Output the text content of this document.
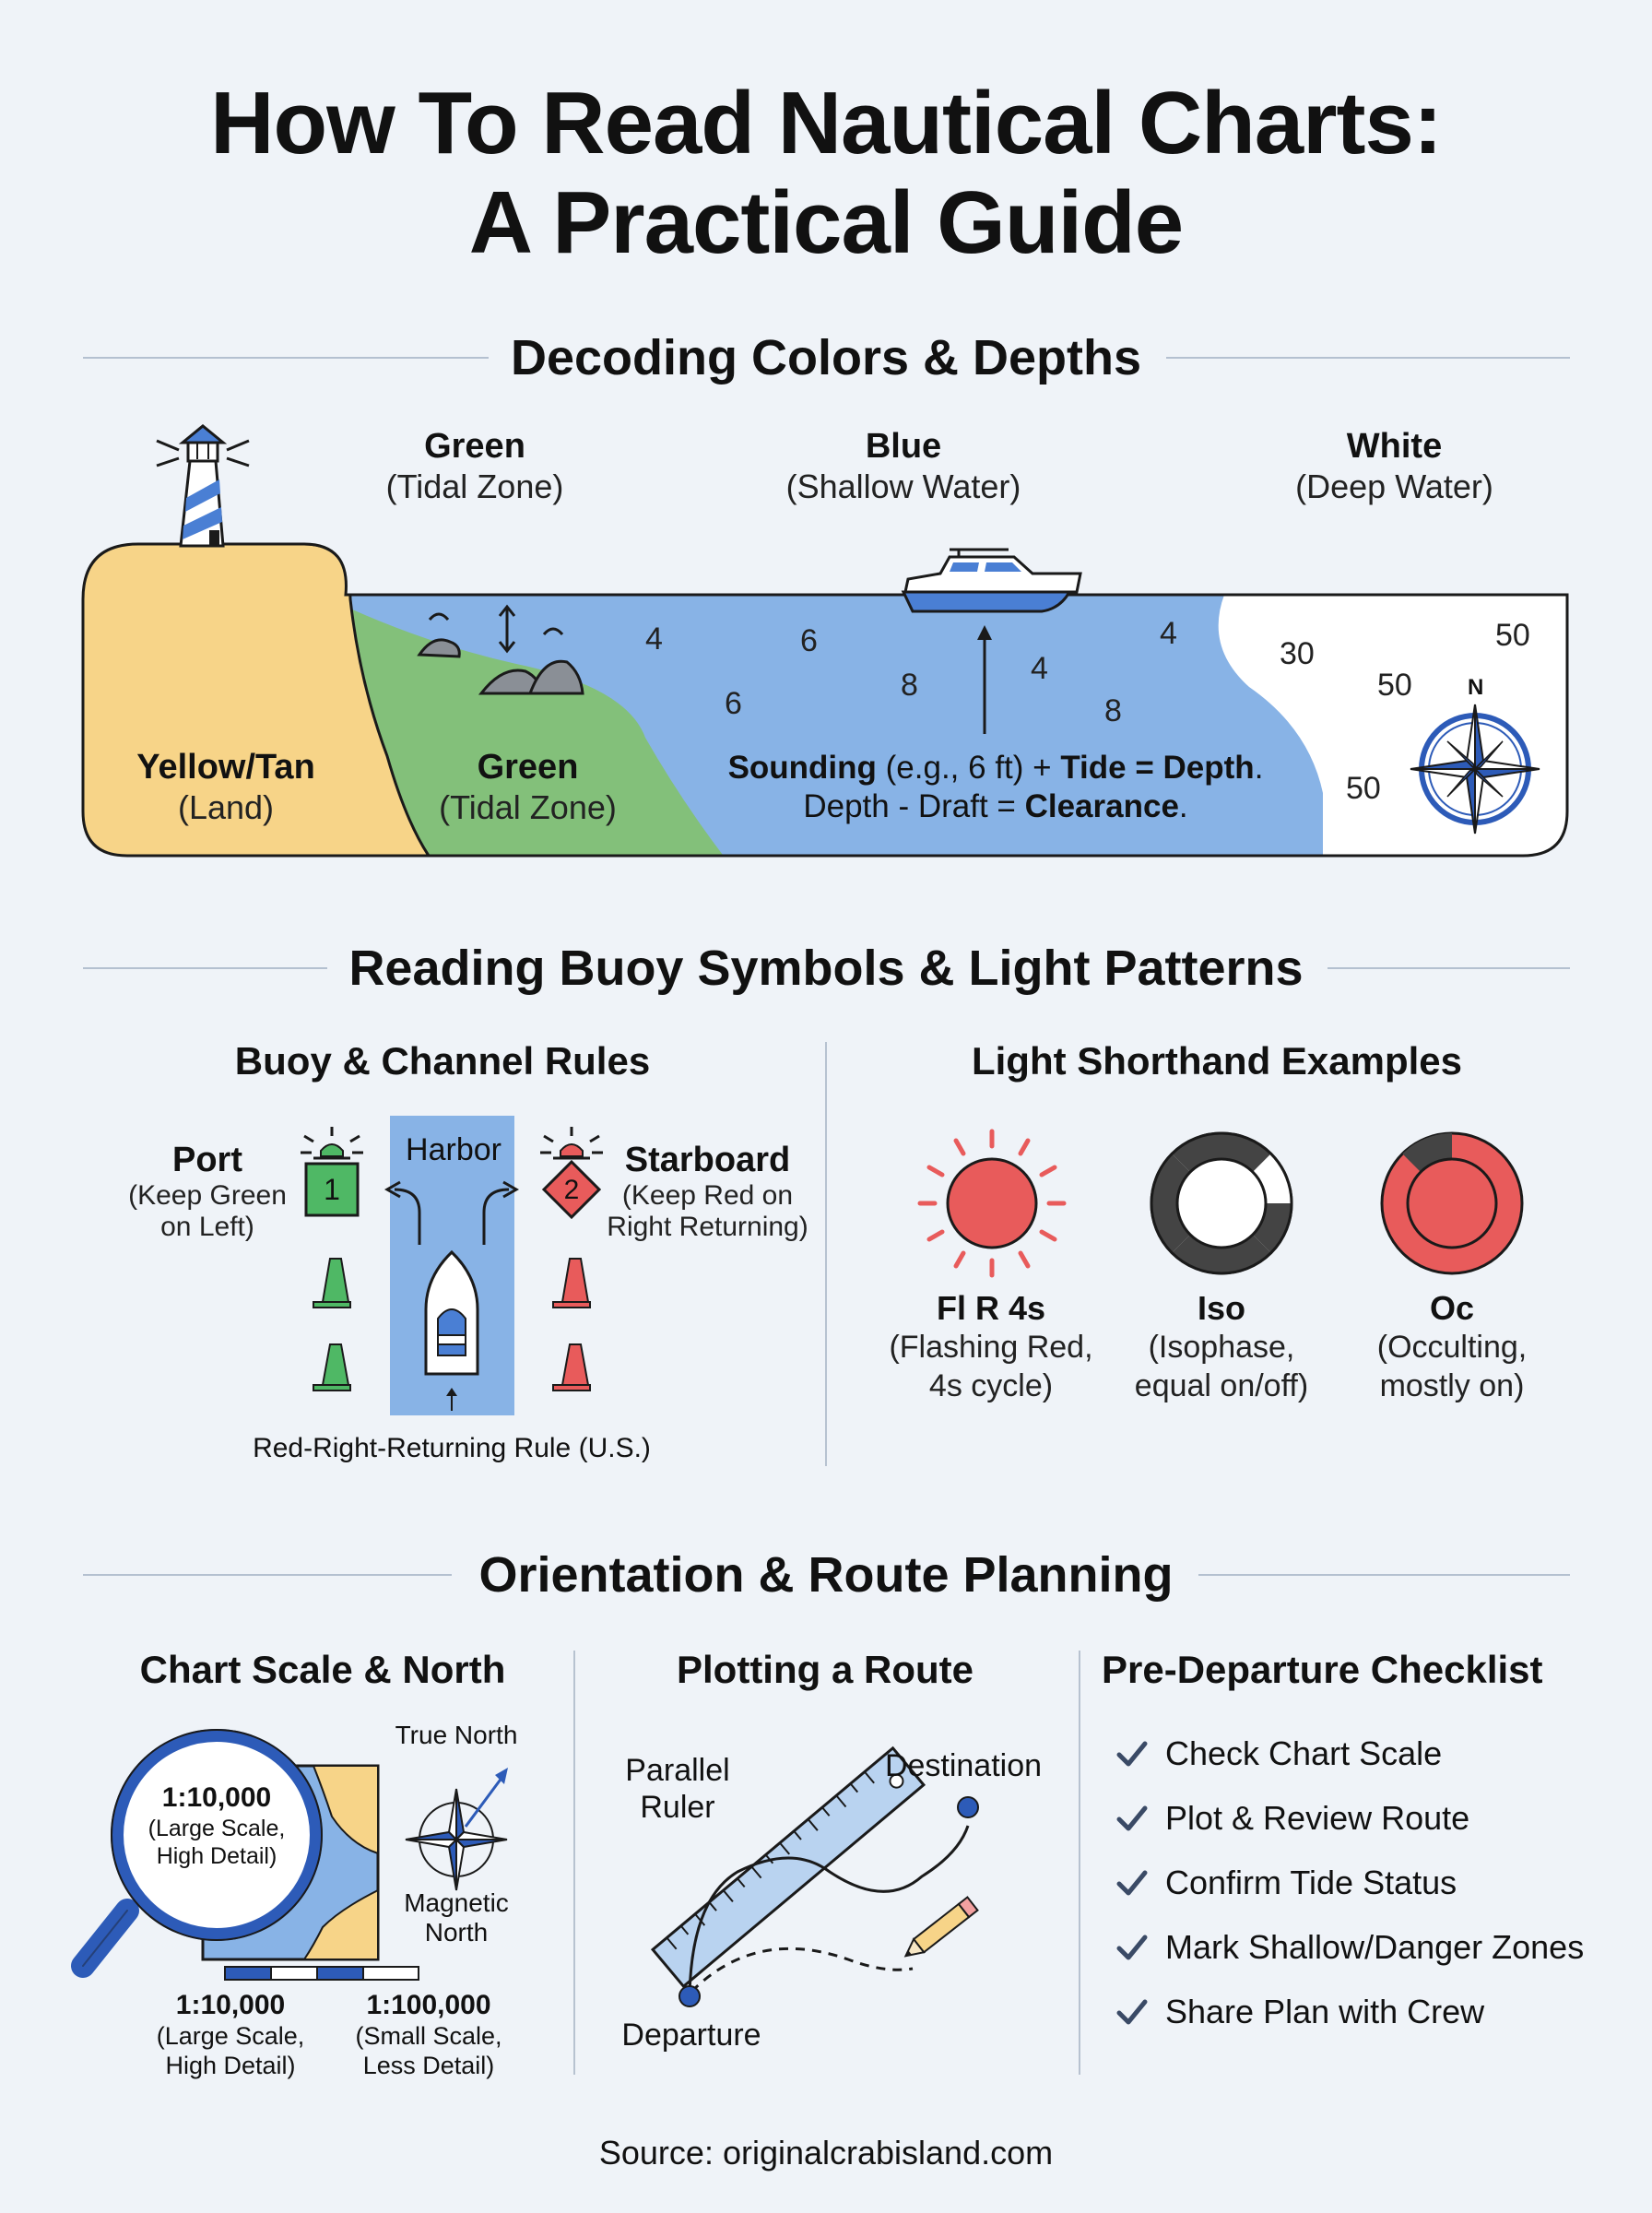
How To Read Nautical Charts:
A Practical Guide
Decoding Colors & Depths
Green
(Tidal Zone)
Blue
(Shallow Water)
White
(Deep Water)
4	6
6
8	4
4
8
30
50
50
50
N
Yellow/Tan
(Land)
Green
(Tidal Zone)
Sounding (e.g., 6 ft) + Tide = Depth.
Depth - Draft = Clearance.
Reading Buoy Symbols & Light Patterns
Buoy & Channel Rules	Light Shorthand Examples
Harbor
1	2
Port
(Keep Green
on Left)
Starboard
(Keep Red on
Right Returning)
Red-Right-Returning Rule (U.S.)
Fl R 4s
(Flashing Red,
4s cycle)
Iso
(Isophase,
equal on/off)
Oc
(Occulting,
mostly on)
Orientation & Route Planning
Chart Scale & North	Plotting a Route	Pre-Departure Checklist
1:10,000
(Large Scale,
High Detail)
True North
Magnetic
North
1:10,000
(Large Scale,
High Detail)
1:100,000
(Small Scale,
Less Detail)
Parallel
Ruler
Destination
Departure
Check Chart Scale
Plot & Review Route
Confirm Tide Status
Mark Shallow/Danger Zones
Share Plan with Crew
Source: originalcrabisland.com
